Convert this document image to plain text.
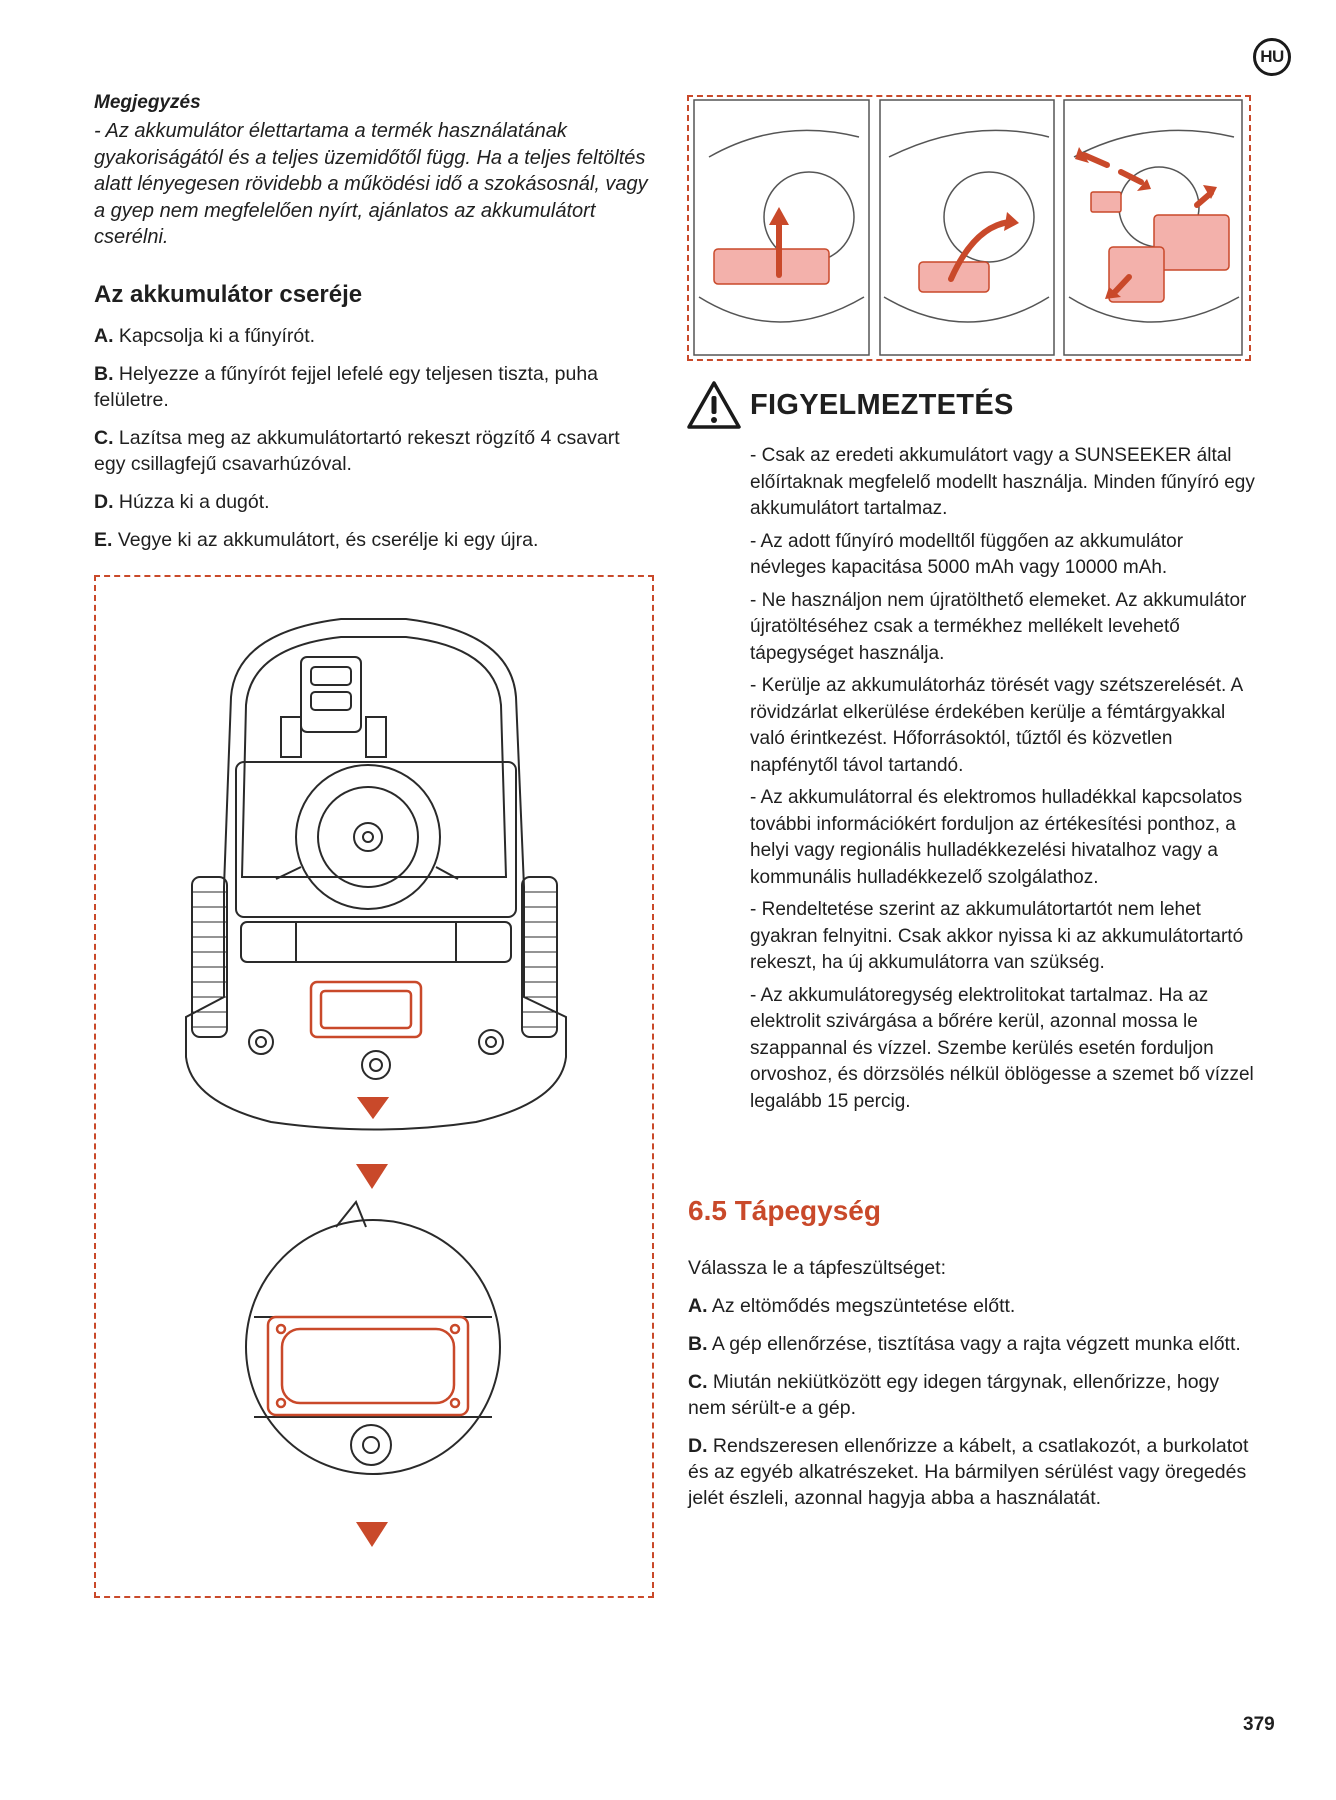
HU

Megjegyzés

- Az akkumulátor élettartama a termék használatának gyakoriságától és a teljes üzemidőtől függ. Ha a teljes feltöltés alatt lényegesen rövidebb a működési idő a szokásosnál, vagy a gyep nem megfelelően nyírt, ajánlatos az akkumulátort cserélni.

Az akkumulátor cseréje

A. Kapcsolja ki a fűnyírót.

B. Helyezze a fűnyírót fejjel lefelé egy teljesen tiszta, puha felületre.

C. Lazítsa meg az akkumulátortartó rekeszt rögzítő 4 csavart egy csillagfejű csavarhúzóval.

D. Húzza ki a dugót.

E. Vegye ki az akkumulátort, és cserélje ki egy újra.

FIGYELMEZTETÉS

- Csak az eredeti akkumulátort vagy a SUNSEEKER által előírtaknak megfelelő modellt használja. Minden fűnyíró egy akkumulátort tartalmaz.

- Az adott fűnyíró modelltől függően az akkumulátor névleges kapacitása 5000 mAh vagy 10000 mAh.

- Ne használjon nem újratölthető elemeket. Az akkumulátor újratöltéséhez csak a termékhez mellékelt levehető tápegységet használja.

- Kerülje az akkumulátorház törését vagy szétszerelését. A rövidzárlat elkerülése érdekében kerülje a fémtárgyakkal való érintkezést. Hőforrásoktól, tűztől és közvetlen napfénytől távol tartandó.

- Az akkumulátorral és elektromos hulladékkal kapcsolatos további információkért forduljon az értékesítési ponthoz, a helyi vagy regionális hulladékkezelési hivatalhoz vagy a kommunális hulladékkezelő szolgálathoz.

- Rendeltetése szerint az akkumulátortartót nem lehet gyakran felnyitni. Csak akkor nyissa ki az akkumulátortartó rekeszt, ha új akkumulátorra van szükség.

- Az akkumulátoregység elektrolitokat tartalmaz. Ha az elektrolit szivárgása a bőrére kerül, azonnal mossa le szappannal és vízzel. Szembe kerülés esetén forduljon orvoshoz, és dörzsölés nélkül öblögesse a szemet bő vízzel legalább 15 percig.

6.5 Tápegység

Válassza le a tápfeszültséget:

A. Az eltömődés megszüntetése előtt.

B. A gép ellenőrzése, tisztítása vagy a rajta végzett munka előtt.

C. Miután nekiütközött egy idegen tárgynak, ellenőrizze, hogy nem sérült-e a gép.

D. Rendszeresen ellenőrizze a kábelt, a csatlakozót, a burkolatot és az egyéb alkatrészeket. Ha bármilyen sérülést vagy öregedés jelét észleli, azonnal hagyja abba a használatát.

379
